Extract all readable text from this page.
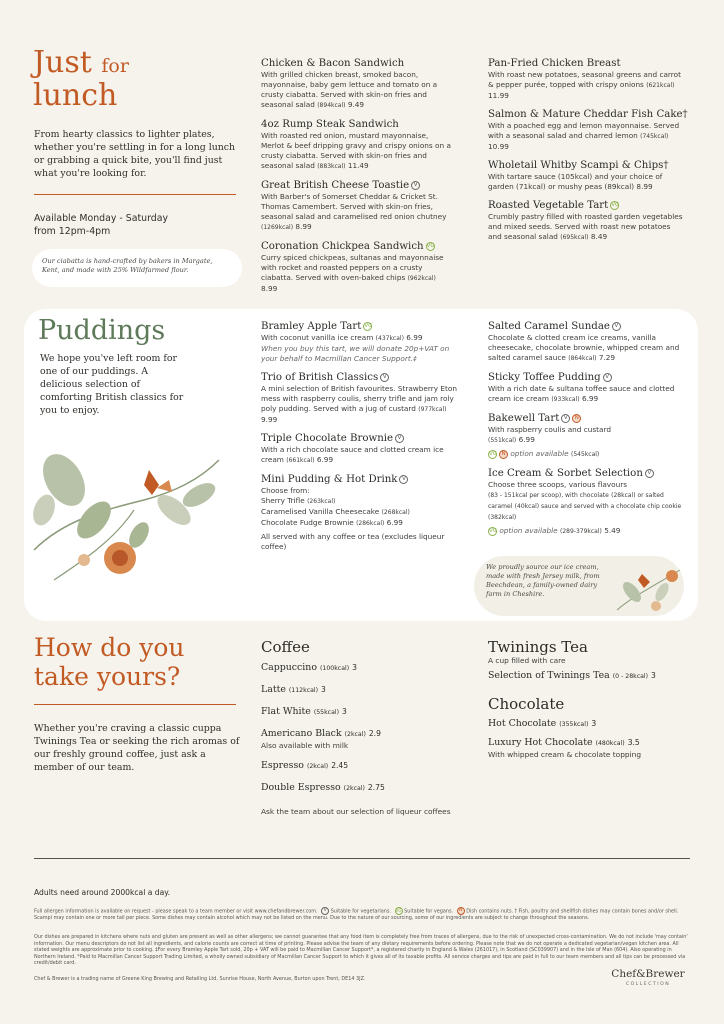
Just for
lunch
From hearty classics to lighter plates, whether you're settling in for a long lunch or grabbing a quick bite, you'll find just what you're looking for.
Available Monday - Saturday
from 12pm-4pm
Our ciabatta is hand-crafted by bakers in Margate, Kent, and made with 25% Wildfarmed flour.
Chicken & Bacon Sandwich
With grilled chicken breast, smoked bacon, mayonnaise, baby gem lettuce and tomato on a crusty ciabatta. Served with skin-on fries and seasonal salad (894kcal) 9.49
4oz Rump Steak Sandwich
With roasted red onion, mustard mayonnaise, Merlot & beef dripping gravy and crispy onions on a crusty ciabatta. Served with skin-on fries and seasonal salad (883kcal) 11.49
Great British Cheese Toastie V
With Barber's of Somerset Cheddar & Cricket St. Thomas Camembert. Served with skin-on fries, seasonal salad and caramelised red onion chutney (1269kcal) 8.99
Coronation Chickpea Sandwich VG
Curry spiced chickpeas, sultanas and mayonnaise with rocket and roasted peppers on a crusty ciabatta. Served with oven-baked chips (962kcal) 8.99
Pan-Fried Chicken Breast
With roast new potatoes, seasonal greens and carrot & pepper purée, topped with crispy onions (621kcal) 11.99
Salmon & Mature Cheddar Fish Cake†
With a poached egg and lemon mayonnaise. Served with a seasonal salad and charred lemon (745kcal) 10.99
Wholetail Whitby Scampi & Chips†
With tartare sauce (105kcal) and your choice of garden (71kcal) or mushy peas (89kcal) 8.99
Roasted Vegetable Tart VG
Crumbly pastry filled with roasted garden vegetables and mixed seeds. Served with roast new potatoes and seasonal salad (695kcal) 8.49
Puddings
We hope you've left room for one of our puddings. A delicious selection of comforting British classics for you to enjoy.
Bramley Apple Tart VG
With coconut vanilla ice cream (437kcal) 6.99
When you buy this tart, we will donate 20p+VAT on your behalf to Macmillan Cancer Support.‡
Trio of British Classics V
A mini selection of British favourites. Strawberry Eton mess with raspberry coulis, sherry trifle and jam roly poly pudding. Served with a jug of custard (977kcal) 9.99
Triple Chocolate Brownie V
With a rich chocolate sauce and clotted cream ice cream (661kcal) 6.99
Mini Pudding & Hot Drink V
Choose from:
Sherry Trifle (263kcal)
Caramelised Vanilla Cheesecake (268kcal)
Chocolate Fudge Brownie (286kcal) 6.99
All served with any coffee or tea (excludes liqueur coffee)
Salted Caramel Sundae V
Chocolate & clotted cream ice creams, vanilla cheesecake, chocolate brownie, whipped cream and salted caramel sauce (864kcal) 7.29
Sticky Toffee Pudding V
With a rich date & sultana toffee sauce and clotted cream ice cream (933kcal) 6.99
Bakewell Tart V N
With raspberry coulis and custard
(551kcal) 6.99
VG N option available (545kcal)
Ice Cream & Sorbet Selection V
Choose three scoops, various flavours
(83 - 151kcal per scoop), with chocolate (28kcal) or salted caramel (40kcal) sauce and served with a chocolate chip cookie (382kcal)
VG option available (289-379kcal) 5.49
We proudly source our ice cream, made with fresh Jersey milk, from Beechdean, a family-owned dairy farm in Cheshire.
How do you
take yours?
Whether you're craving a classic cuppa Twinings Tea or seeking the rich aromas of our freshly ground coffee, just ask a member of our team.
Coffee
Cappuccino (100kcal) 3
Latte (112kcal) 3
Flat White (55kcal) 3
Americano Black (2kcal) 2.9
Also available with milk
Espresso (2kcal) 2.45
Double Espresso (2kcal) 2.75
Ask the team about our selection of liqueur coffees
Twinings Tea
A cup filled with care
Selection of Twinings Tea (0 - 28kcal) 3
Chocolate
Hot Chocolate (355kcal) 3
Luxury Hot Chocolate (480kcal) 3.5
With whipped cream & chocolate topping
Adults need around 2000kcal a day.
Full allergen information is available on request - please speak to a team member or visit www.chefandbrewer.com. V Suitable for vegetarians. VG Suitable for vegans. N Dish contains nuts. † Fish, poultry and shellfish dishes may contain bones and/or shell. Scampi may contain one or more tail per piece. Some dishes may contain alcohol which may not be listed on the menu. Due to the nature of our sourcing, some of our ingredients are subject to change throughout the seasons.
Our dishes are prepared in kitchens where nuts and gluten are present as well as other allergens; we cannot guarantee that any food item is completely free from traces of allergens, due to the risk of unexpected cross-contamination. We do not include 'may contain' information. Our menu descriptors do not list all ingredients, and calorie counts are correct at time of printing. Please advise the team of any dietary requirements before ordering. Please note that we do not operate a dedicated vegetarian/vegan kitchen area. All stated weights are approximate prior to cooking. ‡For every Bramley Apple Tart sold, 20p + VAT will be paid to Macmillan Cancer Support*, a registered charity in England & Wales (261017), in Scotland (SC039907) and in the Isle of Man (604). Also operating in Northern Ireland. *Paid to Macmillan Cancer Support Trading Limited, a wholly owned subsidiary of Macmillan Cancer Support to which it gives all of its taxable profits. All service charges and tips are paid in full to our team members and all tips can be processed via credit/debit card.
Chef & Brewer is a trading name of Greene King Brewing and Retailing Ltd, Sunrise House, North Avenue, Burton upon Trent, DE14 3JZ.	Chef&Brewer
COLLECTION
